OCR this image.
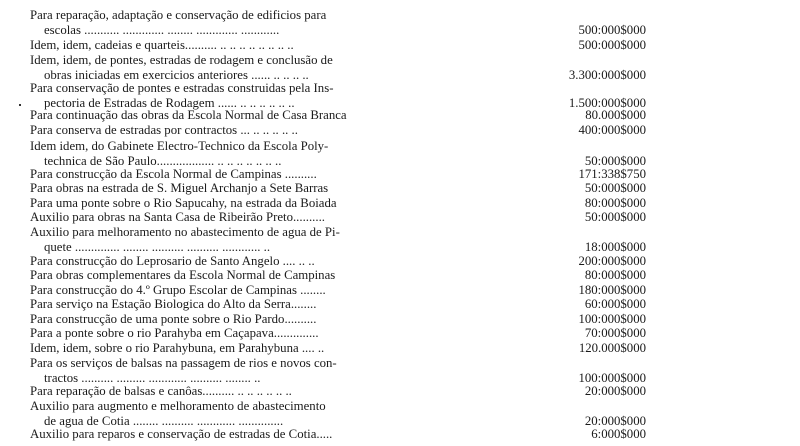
Para reparação, adaptação e conservação de edificios para
escolas ........... ............. ........ ............. ............	500:000$000
Idem, idem, cadeias e quarteis.......... .. .. .. .. .. .. .. ..	500:000$000
Idem, idem, de pontes, estradas de rodagem e conclusão de
obras iniciadas em exercicios anteriores ...... .. .. .. ..	3.300:000$000
Para conservação de pontes e estradas construidas pela Ins-
pectoria de Estradas de Rodagem ...... .. .. .. .. .. ..	1.500:000$000
Para continuação das obras da Escola Normal de Casa Branca	80.000$000
Para conserva de estradas por contractos ... .. .. .. .. ..	400:000$000
Idem idem, do Gabinete Electro-Technico da Escola Poly-
technica de São Paulo.................. .. .. .. .. .. .. ..	50:000$000
Para construcção da Escola Normal de Campinas ..........	171:338$750
Para obras na estrada de S. Miguel Archanjo a Sete Barras	50:000$000
Para uma ponte sobre o Rio Sapucahy, na estrada da Boiada	80:000$000
Auxilio para obras na Santa Casa de Ribeirão Preto..........	50:000$000
Auxilio para melhoramento no abastecimento de agua de Pi-
quete .............. ........ .......... .......... ............ ..	18:000$000
Para construcção do Leprosario de Santo Angelo .... .. ..	200:000$000
Para obras complementares da Escola Normal de Campinas	80:000$000
Para construcção do 4.º Grupo Escolar de Campinas ........	180:000$000
Para serviço na Estação Biologica do Alto da Serra........	60:000$000
Para construcção de uma ponte sobre o Rio Pardo..........	100:000$000
Para a ponte sobre o rio Parahyba em Caçapava..............	70:000$000
Idem, idem, sobre o rio Parahybuna, em Parahybuna .... ..	120.000$000
Para os serviços de balsas na passagem de rios e novos con-
tractos .......... ......... ............ .......... ........ ..	100:000$000
Para reparação de balsas e canôas.......... .. .. .. .. .. ..	20:000$000
Auxilio para augmento e melhoramento de abastecimento
de agua de Cotia ........ .......... ............ ..............	20:000$000
Auxilio para reparos e conservação de estradas de Cotia.....	6:000$000
